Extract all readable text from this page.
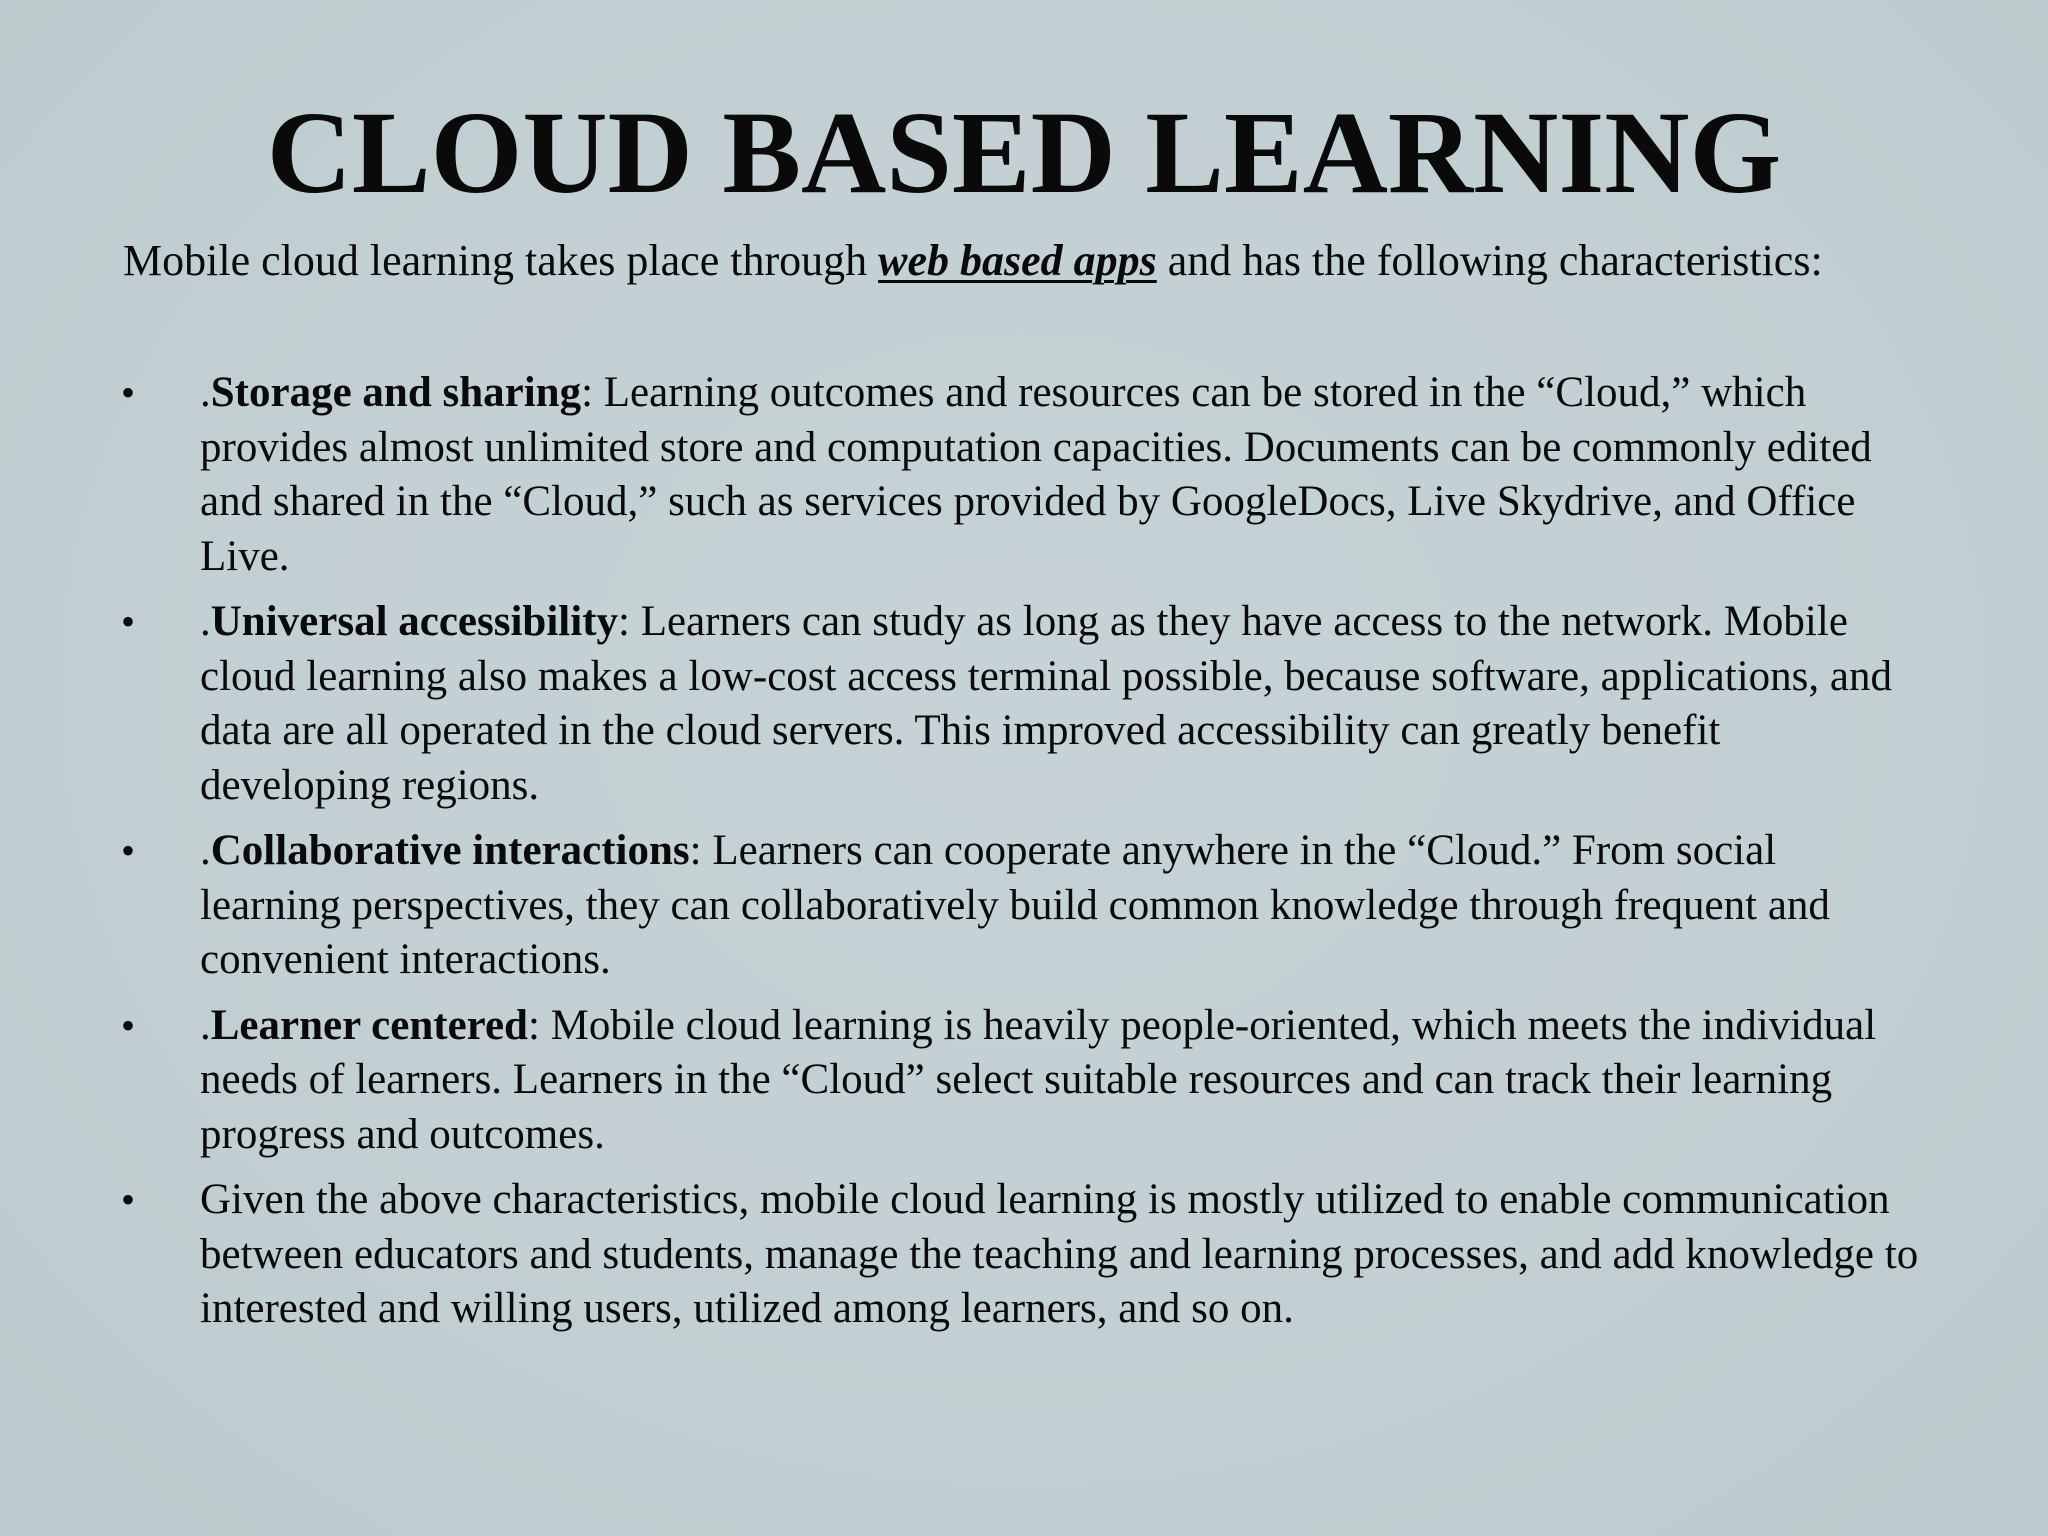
CLOUD BASED LEARNING

Mobile cloud learning takes place through web based apps and has the following characteristics:

• .Storage and sharing: Learning outcomes and resources can be stored in the “Cloud,” which provides almost unlimited store and computation capacities. Documents can be commonly edited and shared in the “Cloud,” such as services provided by GoogleDocs, Live Skydrive, and Office Live.
• .Universal accessibility: Learners can study as long as they have access to the network. Mobile cloud learning also makes a low-cost access terminal possible, because software, applications, and data are all operated in the cloud servers. This improved accessibility can greatly benefit developing regions.
• .Collaborative interactions: Learners can cooperate anywhere in the “Cloud.” From social learning perspectives, they can collaboratively build common knowledge through frequent and convenient interactions.
• .Learner centered: Mobile cloud learning is heavily people-oriented, which meets the individual needs of learners. Learners in the “Cloud” select suitable resources and can track their learning progress and outcomes.
• Given the above characteristics, mobile cloud learning is mostly utilized to enable communication between educators and students, manage the teaching and learning processes, and add knowledge to interested and willing users, utilized among learners, and so on.
